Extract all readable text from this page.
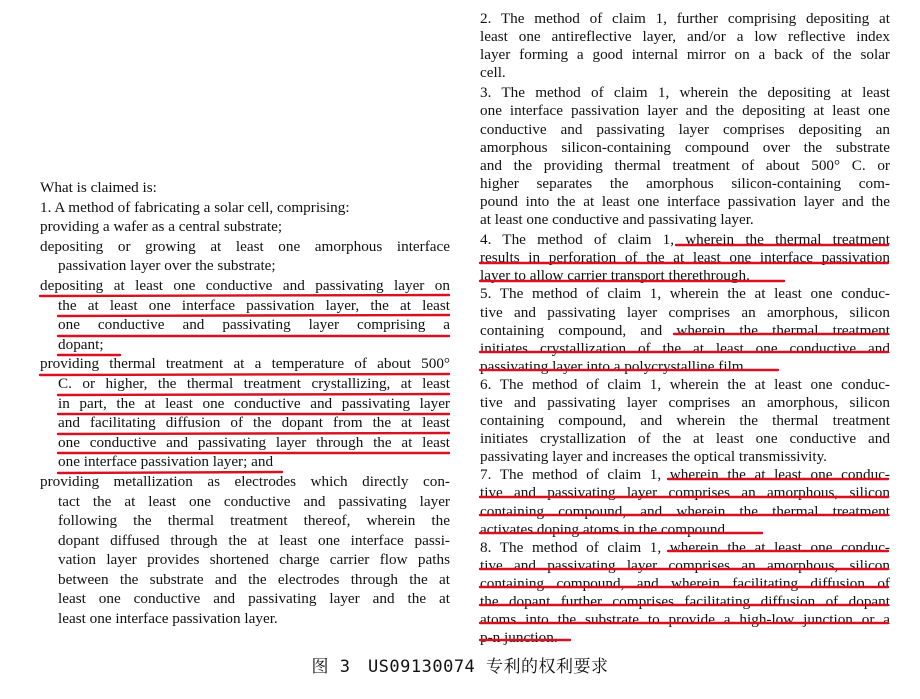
What is claimed is:
1. A method of fabricating a solar cell, comprising:
providing a wafer as a central substrate;
depositing or growing at least one amorphous interface
passivation layer over the substrate;
depositing at least one conductive and passivating layer on
the at least one interface passivation layer, the at least
one conductive and passivating layer comprising a
dopant;
providing thermal treatment at a temperature of about 500°
C. or higher, the thermal treatment crystallizing, at least
in part, the at least one conductive and passivating layer
and facilitating diffusion of the dopant from the at least
one conductive and passivating layer through the at least
one interface passivation layer; and
providing metallization as electrodes which directly con-
tact the at least one conductive and passivating layer
following the thermal treatment thereof, wherein the
dopant diffused through the at least one interface passi-
vation layer provides shortened charge carrier flow paths
between the substrate and the electrodes through the at
least one conductive and passivating layer and the at
least one interface passivation layer.
2. The method of claim 1, further comprising depositing at
least one antireflective layer, and/or a low reflective index
layer forming a good internal mirror on a back of the solar
cell.
3. The method of claim 1, wherein the depositing at least
one interface passivation layer and the depositing at least one
conductive and passivating layer comprises depositing an
amorphous silicon-containing compound over the substrate
and the providing thermal treatment of about 500° C. or
higher separates the amorphous silicon-containing com-
pound into the at least one interface passivation layer and the
at least one conductive and passivating layer.
4. The method of claim 1, wherein the thermal treatment
results in perforation of the at least one interface passivation
layer to allow carrier transport therethrough.
5. The method of claim 1, wherein the at least one conduc-
tive and passivating layer comprises an amorphous, silicon
containing compound, and wherein the thermal treatment
initiates crystallization of the at least one conductive and
passivating layer into a polycrystalline film.
6. The method of claim 1, wherein the at least one conduc-
tive and passivating layer comprises an amorphous, silicon
containing compound, and wherein the thermal treatment
initiates crystallization of the at least one conductive and
passivating layer and increases the optical transmissivity.
7. The method of claim 1, wherein the at least one conduc-
tive and passivating layer comprises an amorphous, silicon
containing compound, and wherein the thermal treatment
activates doping atoms in the compound.
8. The method of claim 1, wherein the at least one conduc-
tive and passivating layer comprises an amorphous, silicon
containing compound, and wherein facilitating diffusion of
the dopant further comprises facilitating diffusion of dopant
atoms into the substrate to provide a high-low junction or a
p-n junction.
图 3　US09130074 专利的权利要求
